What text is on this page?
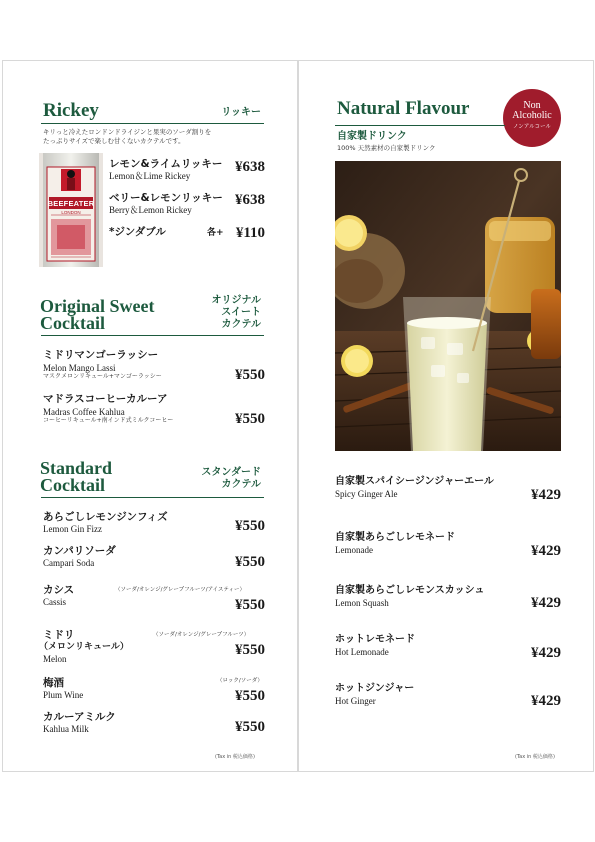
Rickey	リッキー
キリっと冷えたロンドンドライジンと果実のソーダ割りを
たっぷりサイズで楽しむ甘くないカクテルです。
BEEFEATER
LONDON
レモン&ライムリッキー
Lemon＆Lime Rickey
¥638
ベリー&レモンリッキー
Berry＆Lemon Rickey
¥638
*ジンダブル	各+ ¥110
Original Sweet
Cocktail
オリジナル
スイート
カクテル
ミドリマンゴーラッシー
Melon Mango Lassi
マスクメロンリキュール+マンゴーラッシー	¥550
マドラスコーヒーカルーア
Madras Coffee Kahlua
コーヒーリキュール+南インド式ミルクコーヒー	¥550
Standard
Cocktail
スタンダード
カクテル
あらごしレモンジンフィズ
Lemon Gin Fizz	¥550
カンパリソーダ
Campari Soda	¥550
カシス
Cassis
（ソーダ/オレンジ/グレープフルーツ/アイスティー）
¥550
ミドリ
（メロンリキュール）
Melon
（ソーダ/オレンジ/グレープフルーツ）
¥550
梅酒
Plum Wine
（ロック/ソーダ）
¥550
カルーアミルク
Kahlua Milk	¥550
(Tax in 税込価格)
Natural Flavour	Non
Alcoholic
ノンアルコール
自家製ドリンク
100% 天然素材の自家製ドリンク
自家製スパイシージンジャーエール
Spicy Ginger Ale	¥429
自家製あらごしレモネード
Lemonade	¥429
自家製あらごしレモンスカッシュ
Lemon Squash	¥429
ホットレモネード
Hot Lemonade	¥429
ホットジンジャー
Hot Ginger	¥429
(Tax in 税込価格)
